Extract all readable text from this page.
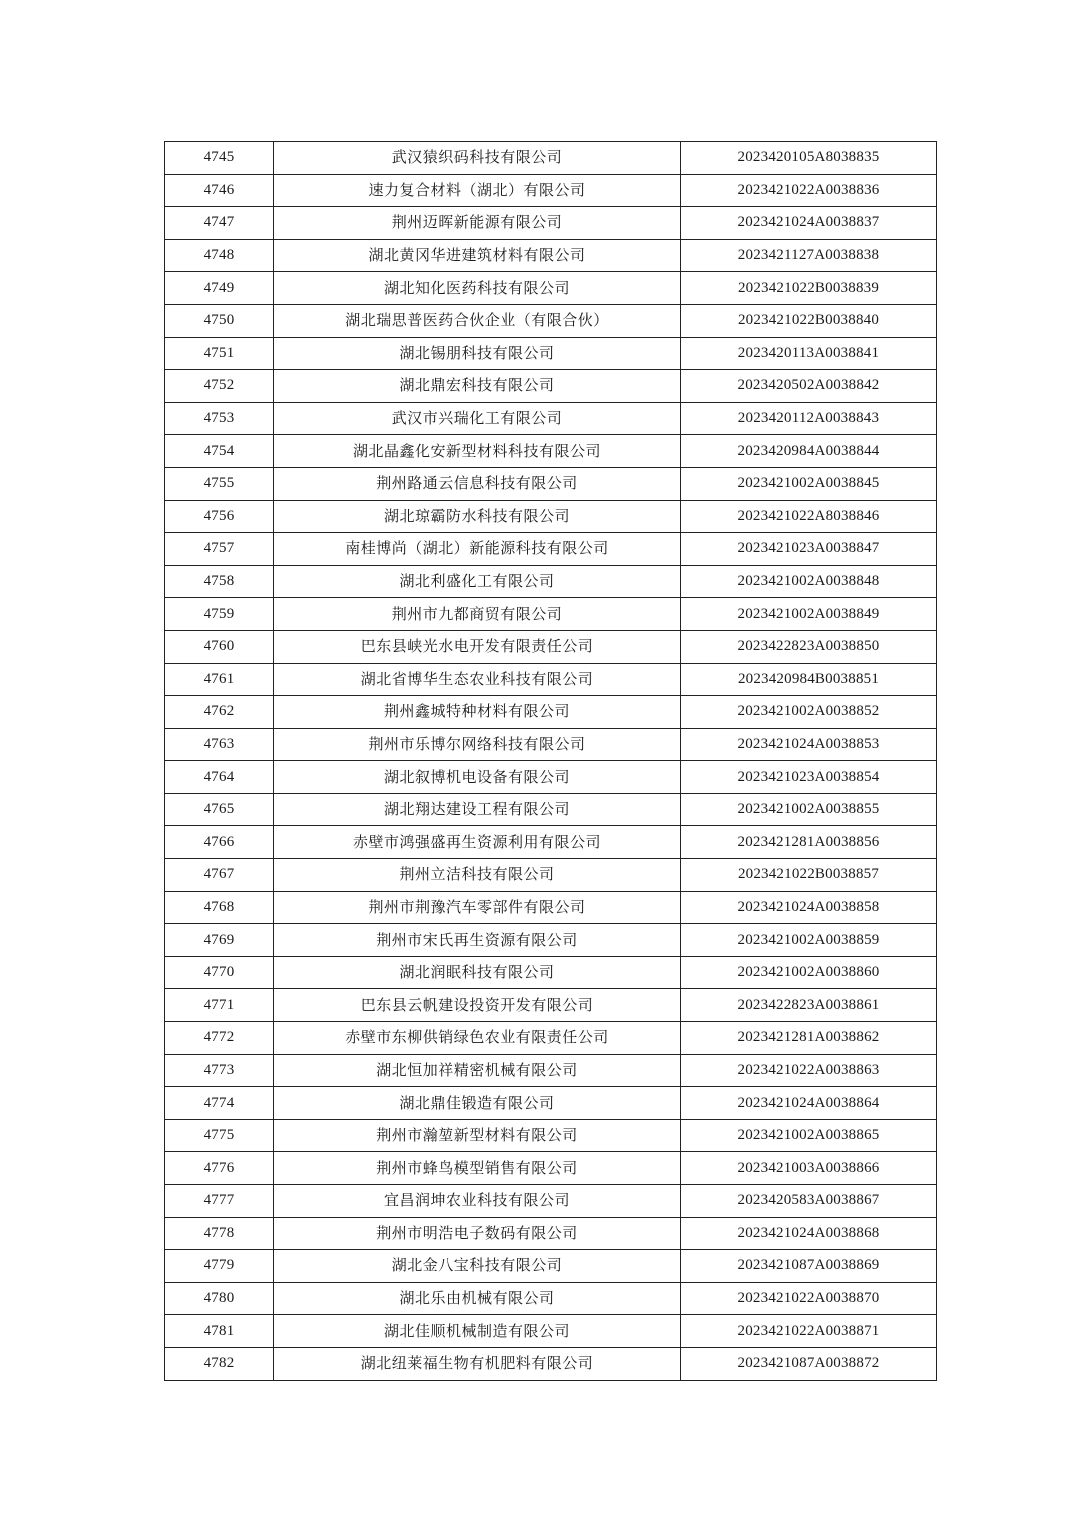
4745	武汉猿织码科技有限公司	2023420105A8038835
4746	速力复合材料（湖北）有限公司	2023421022A0038836
4747	荆州迈晖新能源有限公司	2023421024A0038837
4748	湖北黄冈华进建筑材料有限公司	2023421127A0038838
4749	湖北知化医药科技有限公司	2023421022B0038839
4750	湖北瑞思普医药合伙企业（有限合伙）	2023421022B0038840
4751	湖北锡朋科技有限公司	2023420113A0038841
4752	湖北鼎宏科技有限公司	2023420502A0038842
4753	武汉市兴瑞化工有限公司	2023420112A0038843
4754	湖北晶鑫化安新型材料科技有限公司	2023420984A0038844
4755	荆州路通云信息科技有限公司	2023421002A0038845
4756	湖北琼霸防水科技有限公司	2023421022A8038846
4757	南桂博尚（湖北）新能源科技有限公司	2023421023A0038847
4758	湖北利盛化工有限公司	2023421002A0038848
4759	荆州市九都商贸有限公司	2023421002A0038849
4760	巴东县峡光水电开发有限责任公司	2023422823A0038850
4761	湖北省博华生态农业科技有限公司	2023420984B0038851
4762	荆州鑫城特种材料有限公司	2023421002A0038852
4763	荆州市乐博尔网络科技有限公司	2023421024A0038853
4764	湖北叙博机电设备有限公司	2023421023A0038854
4765	湖北翔达建设工程有限公司	2023421002A0038855
4766	赤壁市鸿强盛再生资源利用有限公司	2023421281A0038856
4767	荆州立洁科技有限公司	2023421022B0038857
4768	荆州市荆豫汽车零部件有限公司	2023421024A0038858
4769	荆州市宋氏再生资源有限公司	2023421002A0038859
4770	湖北润眠科技有限公司	2023421002A0038860
4771	巴东县云帆建设投资开发有限公司	2023422823A0038861
4772	赤壁市东柳供销绿色农业有限责任公司	2023421281A0038862
4773	湖北恒加祥精密机械有限公司	2023421022A0038863
4774	湖北鼎佳锻造有限公司	2023421024A0038864
4775	荆州市瀚堃新型材料有限公司	2023421002A0038865
4776	荆州市蜂鸟模型销售有限公司	2023421003A0038866
4777	宜昌润坤农业科技有限公司	2023420583A0038867
4778	荆州市明浩电子数码有限公司	2023421024A0038868
4779	湖北金八宝科技有限公司	2023421087A0038869
4780	湖北乐由机械有限公司	2023421022A0038870
4781	湖北佳顺机械制造有限公司	2023421022A0038871
4782	湖北纽莱福生物有机肥料有限公司	2023421087A0038872
